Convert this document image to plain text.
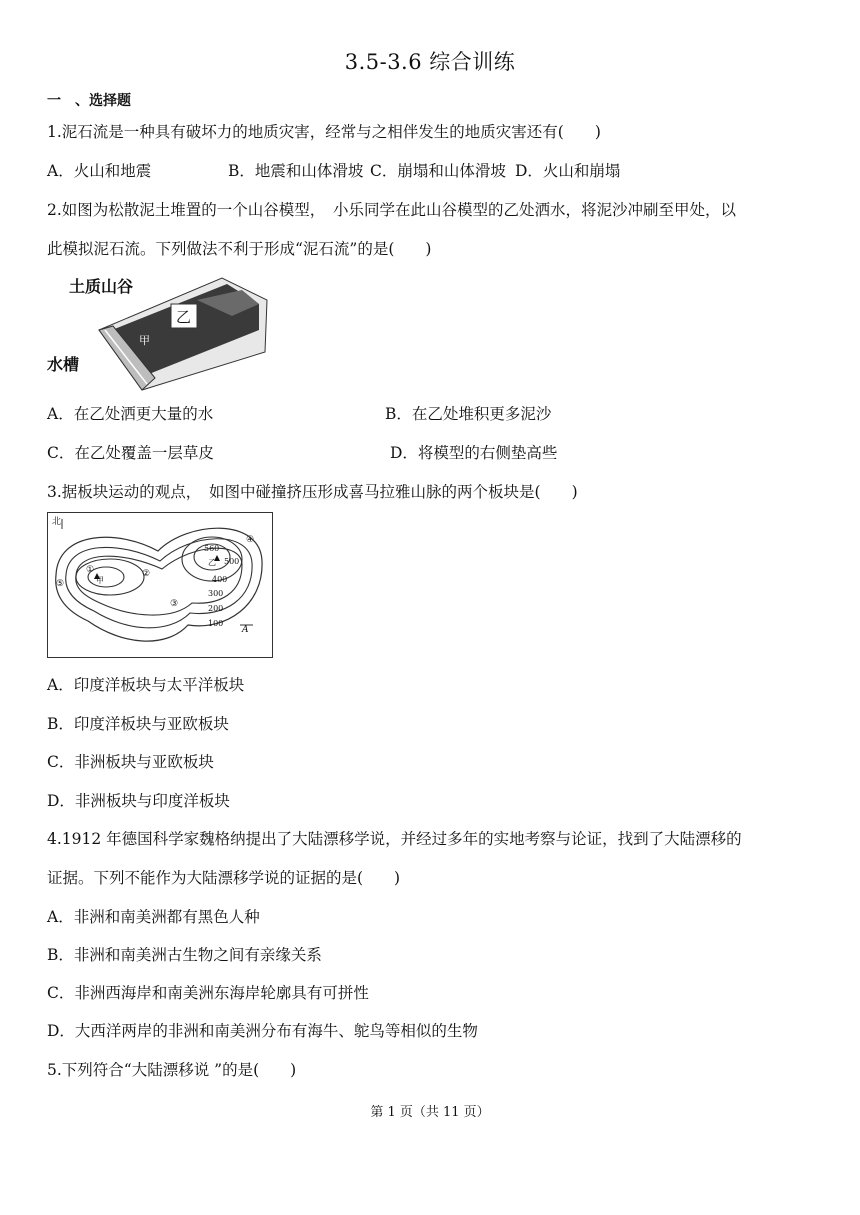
3.5-3.6 综合训练
一　、选择题
1.泥石流是一种具有破坏力的地质灾害，经常与之相伴发生的地质灾害还有(　　)
A．火山和地震	B．地震和山体滑坡 C．崩塌和山体滑坡 D．火山和崩塌
2.如图为松散泥土堆置的一个山谷模型，　小乐同学在此山谷模型的乙处洒水，将泥沙冲刷至甲处，以
此模拟泥石流。下列做法不利于形成“泥石流”的是(　　)
土质山谷
水槽
乙
甲
A．在乙处洒更大量的水	B．在乙处堆积更多泥沙
C．在乙处覆盖一层草皮	D．将模型的右侧垫高些
3.据板块运动的观点，　如图中碰撞挤压形成喜马拉雅山脉的两个板块是(　　)
北
560
500
400
300
200
100
①	②
③
④
⑤
乙
甲
A
A．印度洋板块与太平洋板块
B．印度洋板块与亚欧板块
C．非洲板块与亚欧板块
D．非洲板块与印度洋板块
4.1912 年德国科学家魏格纳提出了大陆漂移学说，并经过多年的实地考察与论证，找到了大陆漂移的
证据。下列不能作为大陆漂移学说的证据的是(　　)
A．非洲和南美洲都有黑色人种
B．非洲和南美洲古生物之间有亲缘关系
C．非洲西海岸和南美洲东海岸轮廓具有可拼性
D．大西洋两岸的非洲和南美洲分布有海牛、鸵鸟等相似的生物
5.下列符合“大陆漂移说 ”的是(　　)
第 1 页（共 11 页）
